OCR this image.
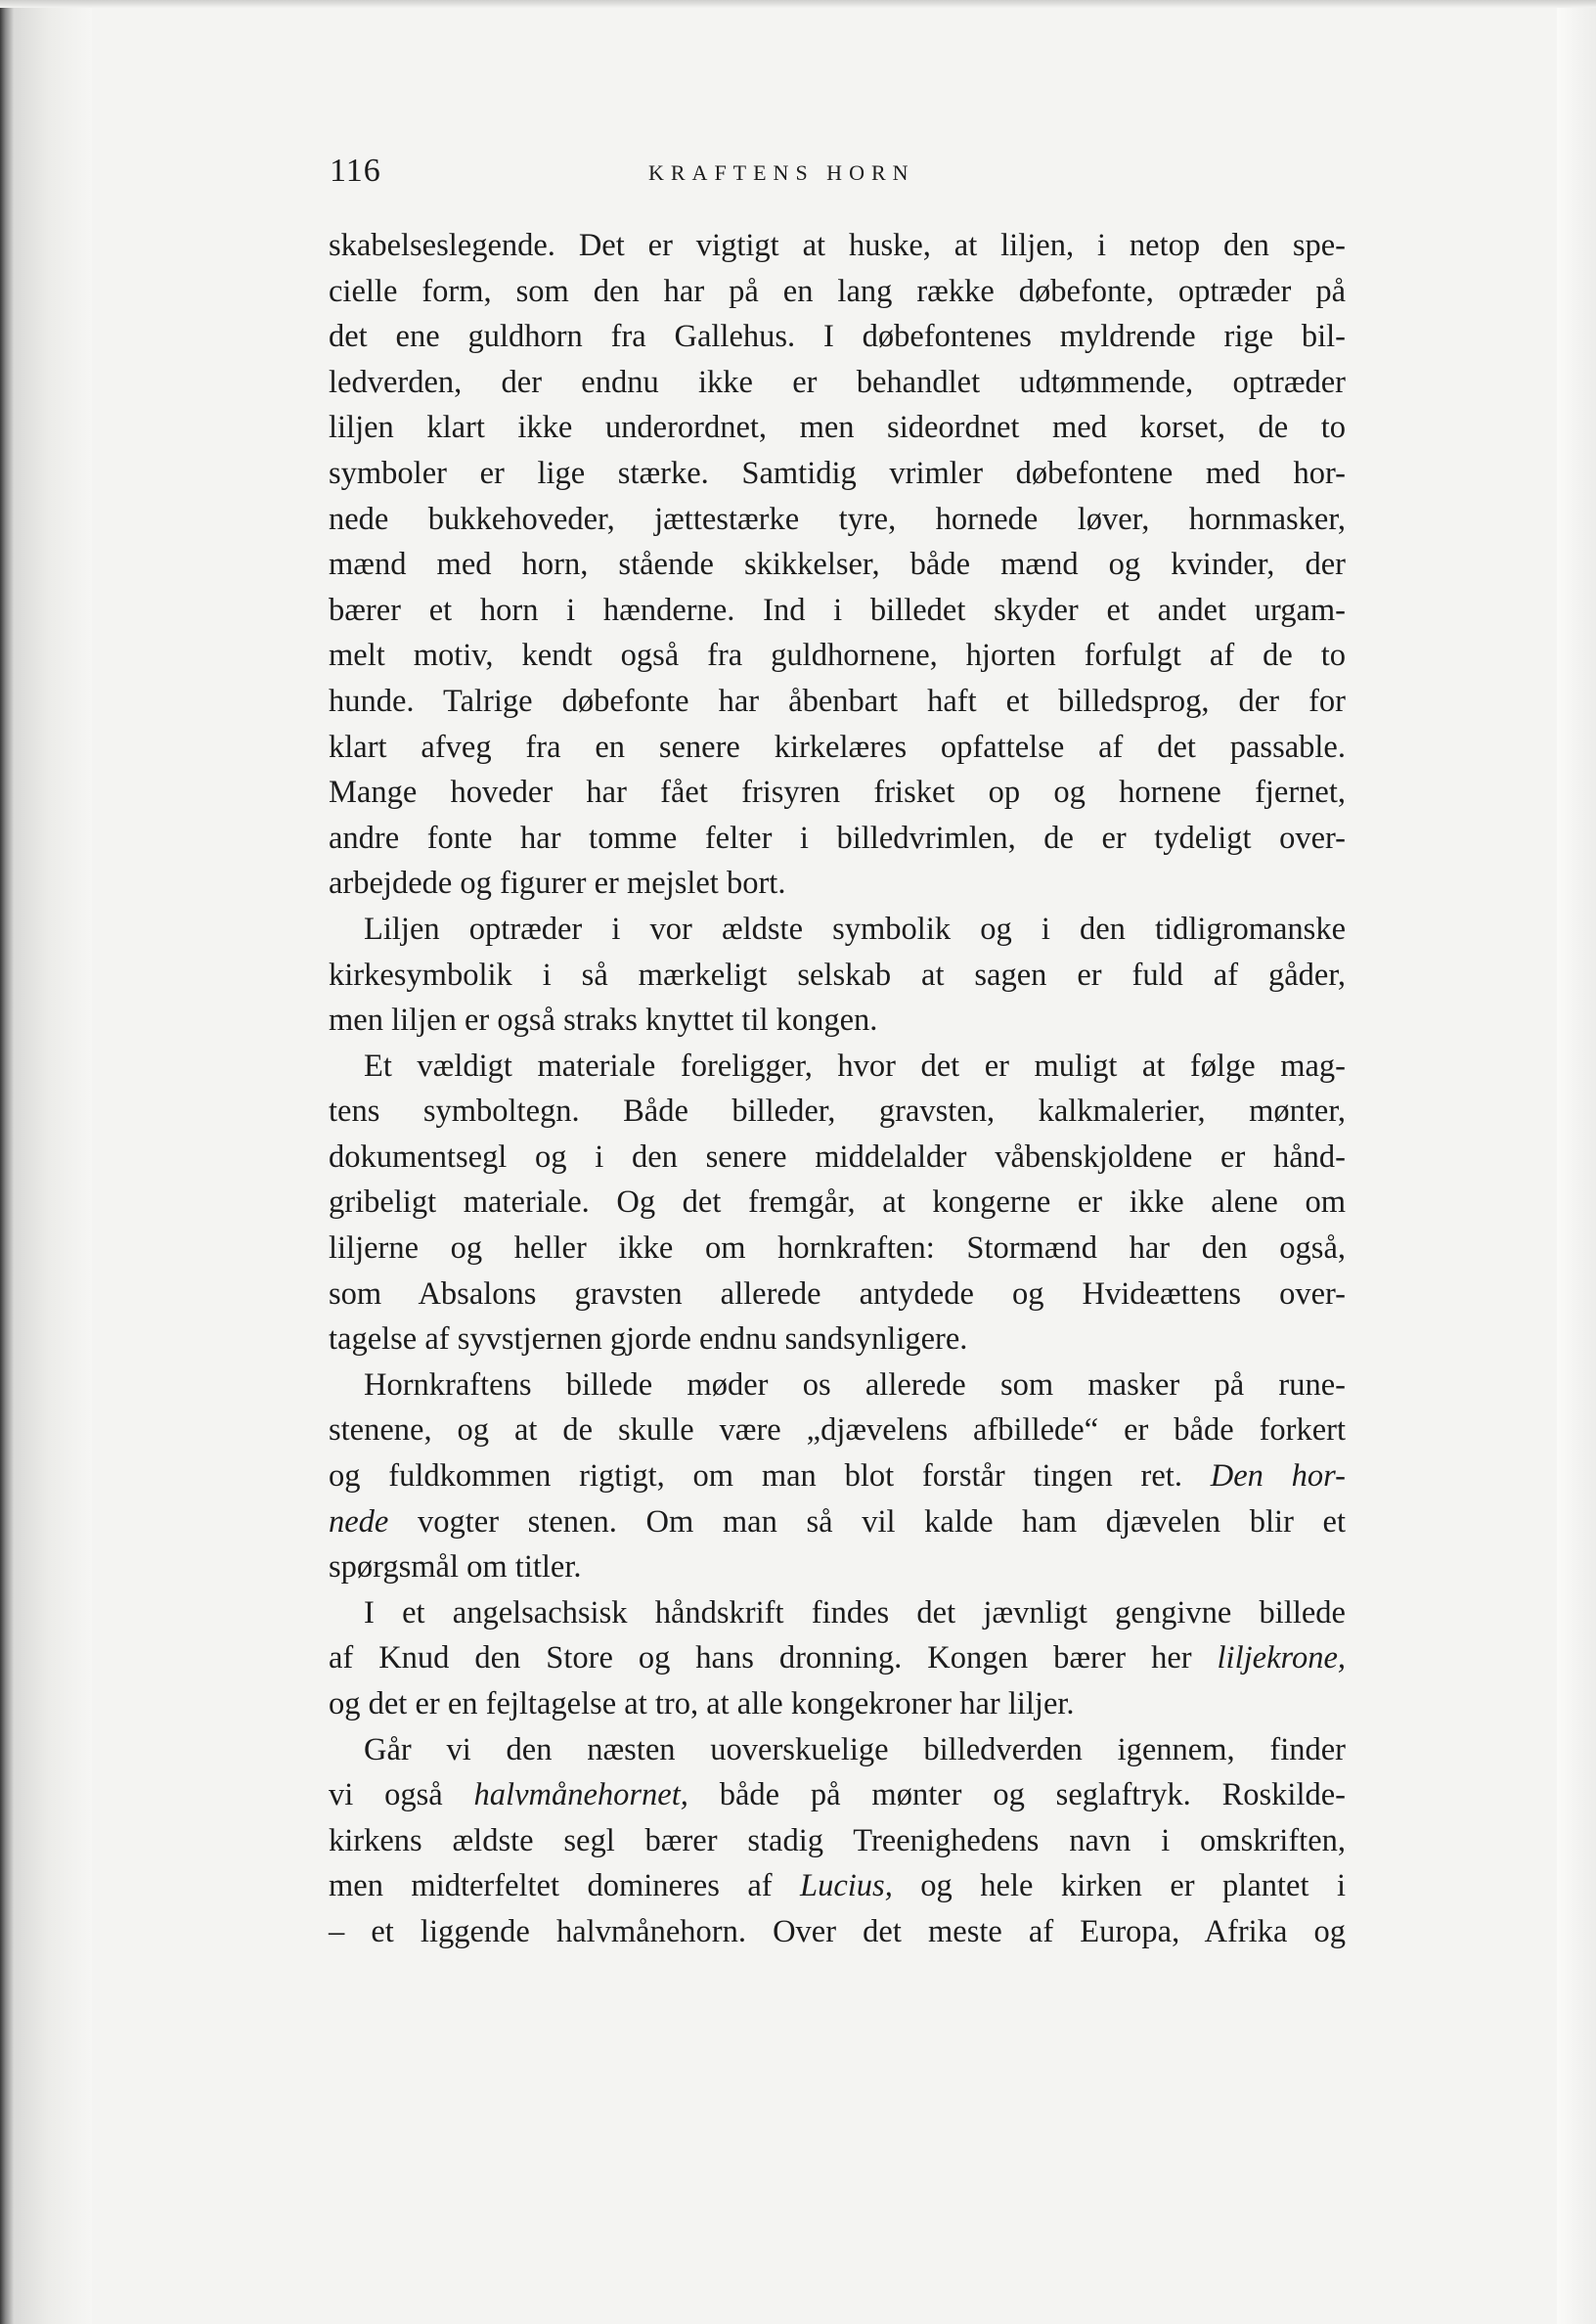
116	KRAFTENS HORN

skabelseslegende. Det er vigtigt at huske, at liljen, i netop den spe-

cielle form, som den har på en lang række døbefonte, optræder på

det ene guldhorn fra Gallehus. I døbefontenes myldrende rige bil-

ledverden, der endnu ikke er behandlet udtømmende, optræder

liljen klart ikke underordnet, men sideordnet med korset, de to

symboler er lige stærke. Samtidig vrimler døbefontene med hor-

nede bukkehoveder, jættestærke tyre, hornede løver, hornmasker,

mænd med horn, stående skikkelser, både mænd og kvinder, der

bærer et horn i hænderne. Ind i billedet skyder et andet urgam-

melt motiv, kendt også fra guldhornene, hjorten forfulgt af de to

hunde. Talrige døbefonte har åbenbart haft et billedsprog, der for

klart afveg fra en senere kirkelæres opfattelse af det passable.

Mange hoveder har fået frisyren frisket op og hornene fjernet,

andre fonte har tomme felter i billedvrimlen, de er tydeligt over-

arbejdede og figurer er mejslet bort.

Liljen optræder i vor ældste symbolik og i den tidligromanske

kirkesymbolik i så mærkeligt selskab at sagen er fuld af gåder,

men liljen er også straks knyttet til kongen.

Et vældigt materiale foreligger, hvor det er muligt at følge mag-

tens symboltegn. Både billeder, gravsten, kalkmalerier, mønter,

dokumentsegl og i den senere middelalder våbenskjoldene er hånd-

gribeligt materiale. Og det fremgår, at kongerne er ikke alene om

liljerne og heller ikke om hornkraften: Stormænd har den også,

som Absalons gravsten allerede antydede og Hvideættens over-

tagelse af syvstjernen gjorde endnu sandsynligere.

Hornkraftens billede møder os allerede som masker på rune-

stenene, og at de skulle være „djævelens afbillede“ er både forkert

og fuldkommen rigtigt, om man blot forstår tingen ret. Den hor-

nede vogter stenen. Om man så vil kalde ham djævelen blir et

spørgsmål om titler.

I et angelsachsisk håndskrift findes det jævnligt gengivne billede

af Knud den Store og hans dronning. Kongen bærer her liljekrone,

og det er en fejltagelse at tro, at alle kongekroner har liljer.

Går vi den næsten uoverskuelige billedverden igennem, finder

vi også halvmånehornet, både på mønter og seglaftryk. Roskilde-

kirkens ældste segl bærer stadig Treenighedens navn i omskriften,

men midterfeltet domineres af Lucius, og hele kirken er plantet i

– et liggende halvmånehorn. Over det meste af Europa, Afrika og
